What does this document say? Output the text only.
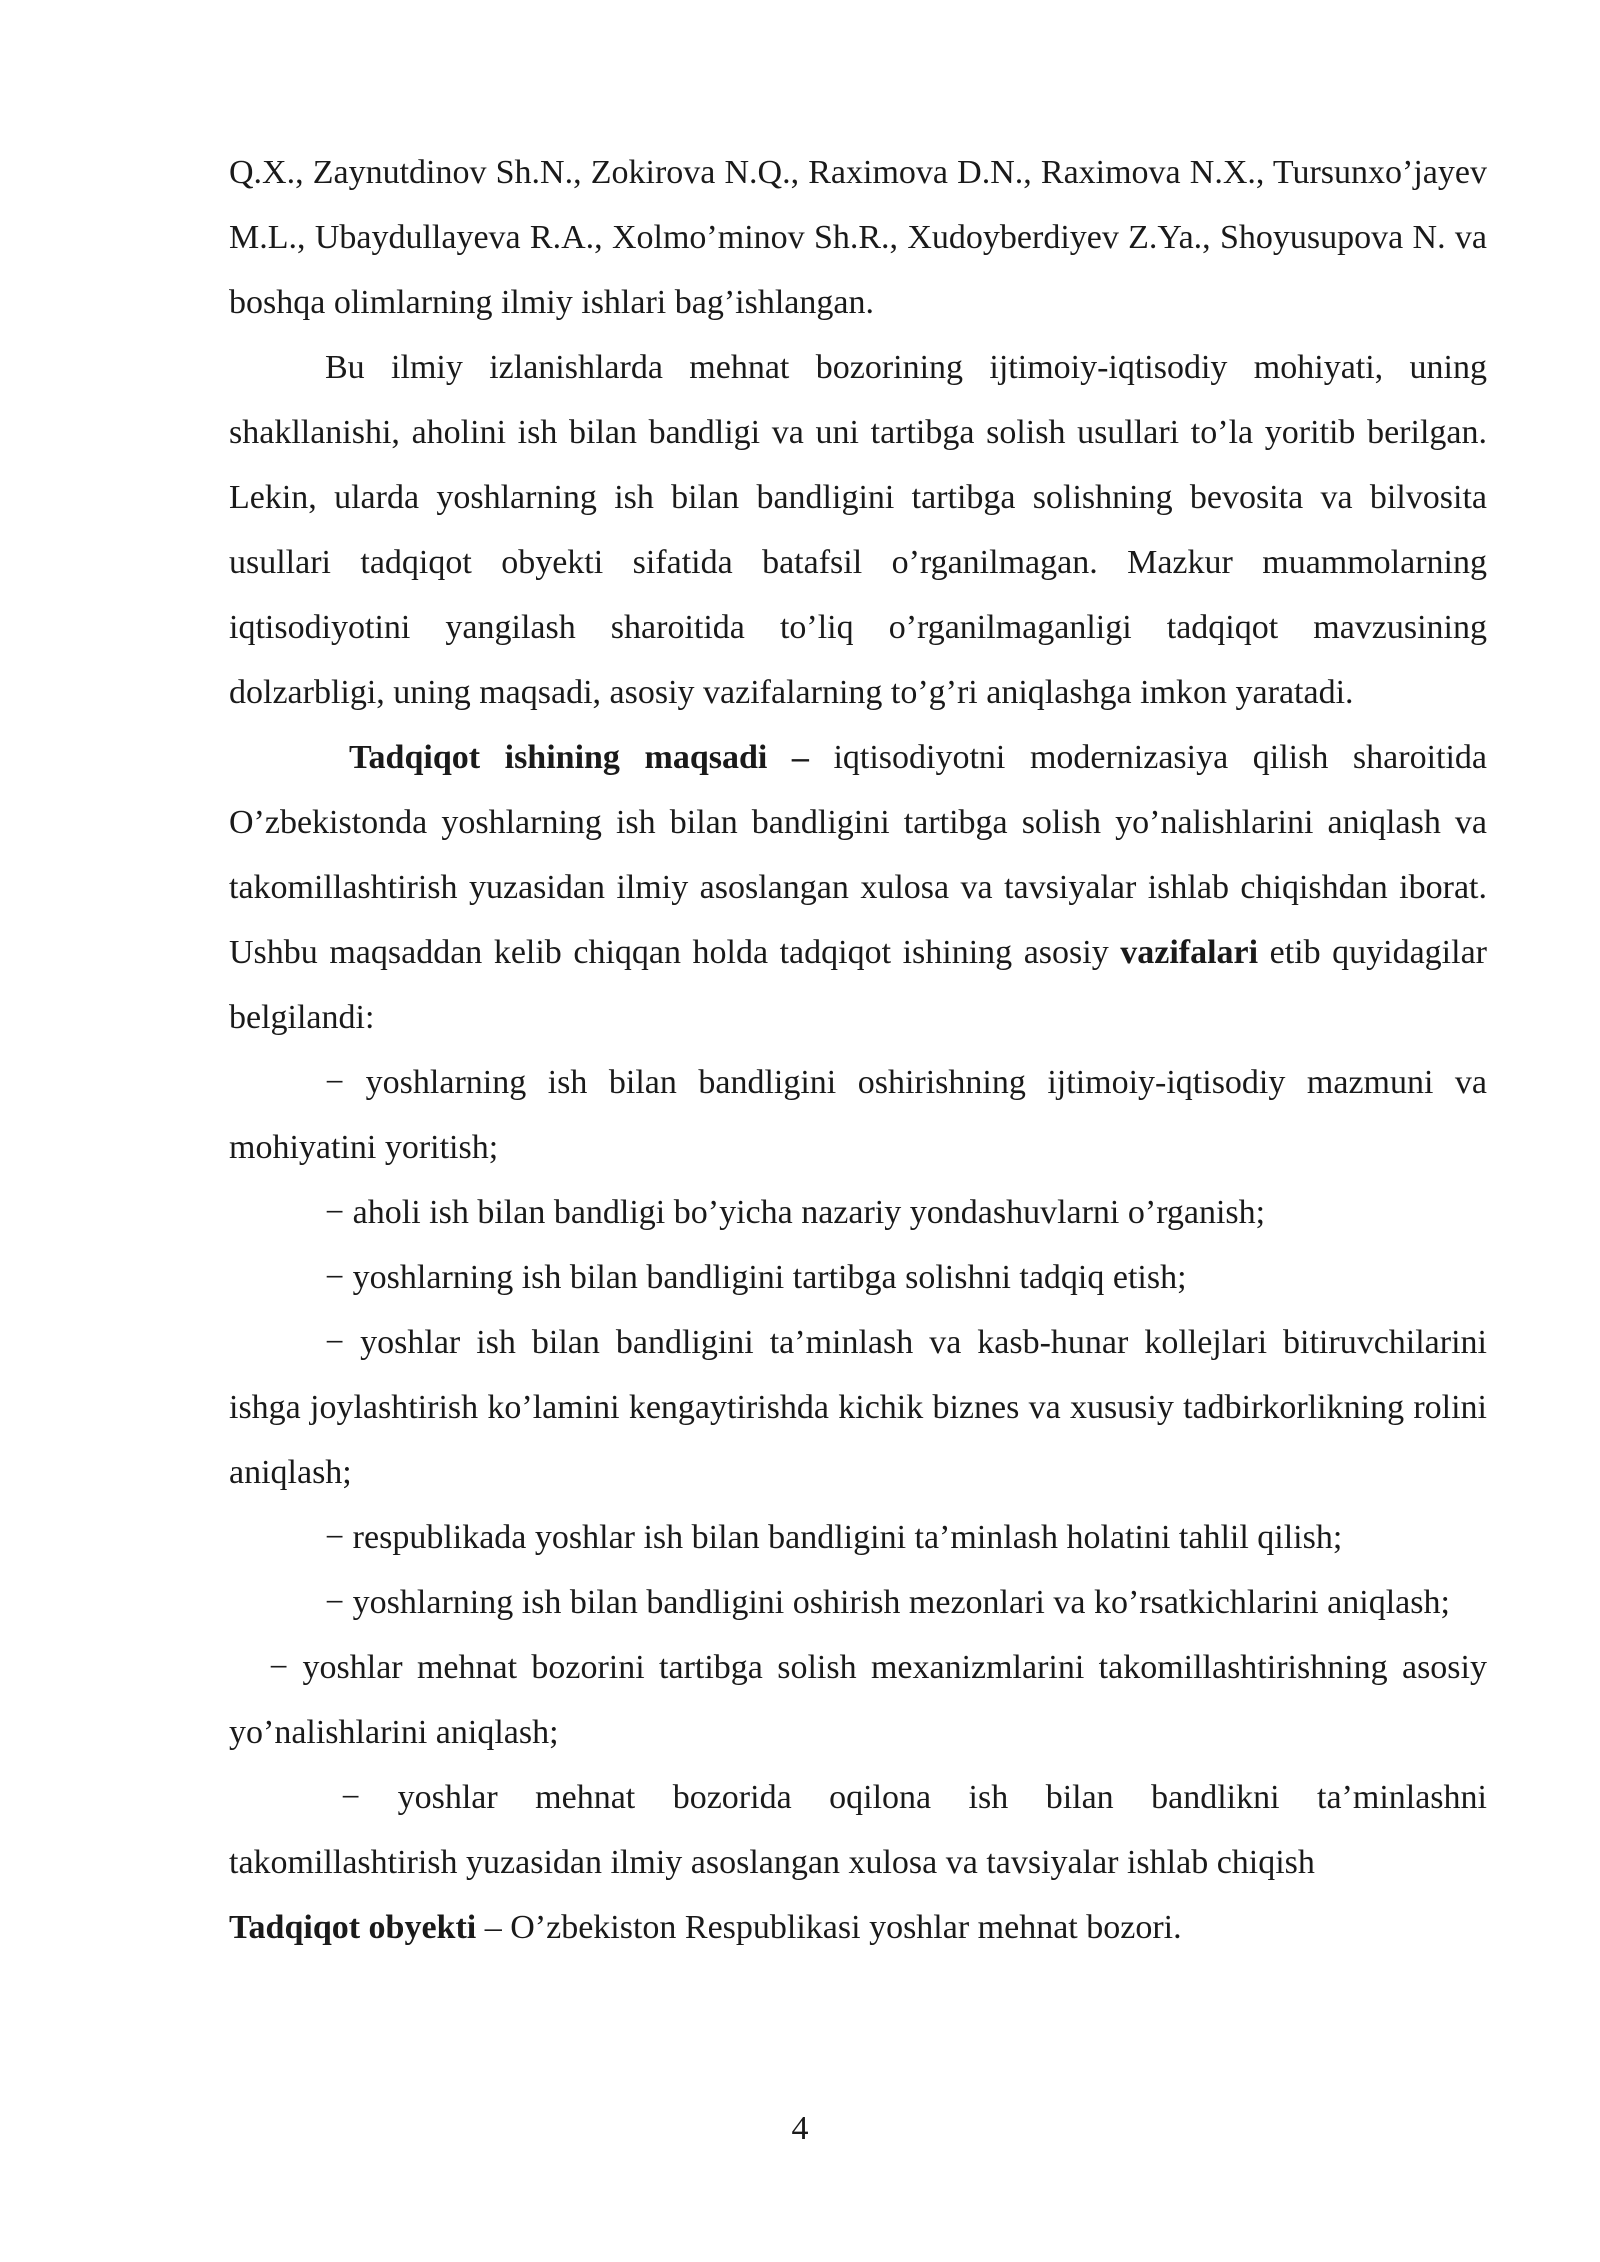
Q.X., Zaynutdinov Sh.N., Zokirova N.Q., Raximova D.N., Raximova N.X., Tursunxo’jayev M.L., Ubaydullayeva R.A., Xolmo’minov Sh.R., Xudoyberdiyev Z.Ya., Shoyusupova N. va boshqa olimlarning ilmiy ishlari bag’ishlangan.

Bu ilmiy izlanishlarda mehnat bozorining ijtimoiy-iqtisodiy mohiyati, uning shakllanishi, aholini ish bilan bandligi va uni tartibga solish usullari to’la yoritib berilgan. Lekin, ularda yoshlarning ish bilan bandligini tartibga solishning bevosita va bilvosita usullari tadqiqot obyekti sifatida batafsil o’rganilmagan. Mazkur muammolarning iqtisodiyotini yangilash sharoitida to’liq o’rganilmaganligi tadqiqot mavzusining dolzarbligi, uning maqsadi, asosiy vazifalarning to’g’ri aniqlashga imkon yaratadi.

Tadqiqot ishining maqsadi – iqtisodiyotni modernizasiya qilish sharoitida O’zbekistonda yoshlarning ish bilan bandligini tartibga solish yo’nalishlarini aniqlash va takomillashtirish yuzasidan ilmiy asoslangan xulosa va tavsiyalar ishlab chiqishdan iborat. Ushbu maqsaddan kelib chiqqan holda tadqiqot ishining asosiy vazifalari etib quyidagilar belgilandi:

− yoshlarning ish bilan bandligini oshirishning ijtimoiy-iqtisodiy mazmuni va mohiyatini yoritish;

− aholi ish bilan bandligi bo’yicha nazariy yondashuvlarni o’rganish;

− yoshlarning ish bilan bandligini tartibga solishni tadqiq etish;

− yoshlar ish bilan bandligini ta’minlash va kasb-hunar kollejlari bitiruvchilarini ishga joylashtirish ko’lamini kengaytirishda kichik biznes va xususiy tadbirkorlikning rolini aniqlash;

− respublikada yoshlar ish bilan bandligini ta’minlash holatini tahlil qilish;

− yoshlarning ish bilan bandligini oshirish mezonlari va ko’rsatkichlarini aniqlash;

− yoshlar mehnat bozorini tartibga solish mexanizmlarini takomillashtirishning asosiy yo’nalishlarini aniqlash;

− yoshlar mehnat bozorida oqilona ish bilan bandlikni ta’minlashni takomillashtirish yuzasidan ilmiy asoslangan xulosa va tavsiyalar ishlab chiqish

Tadqiqot obyekti – O’zbekiston Respublikasi yoshlar mehnat bozori.

4
